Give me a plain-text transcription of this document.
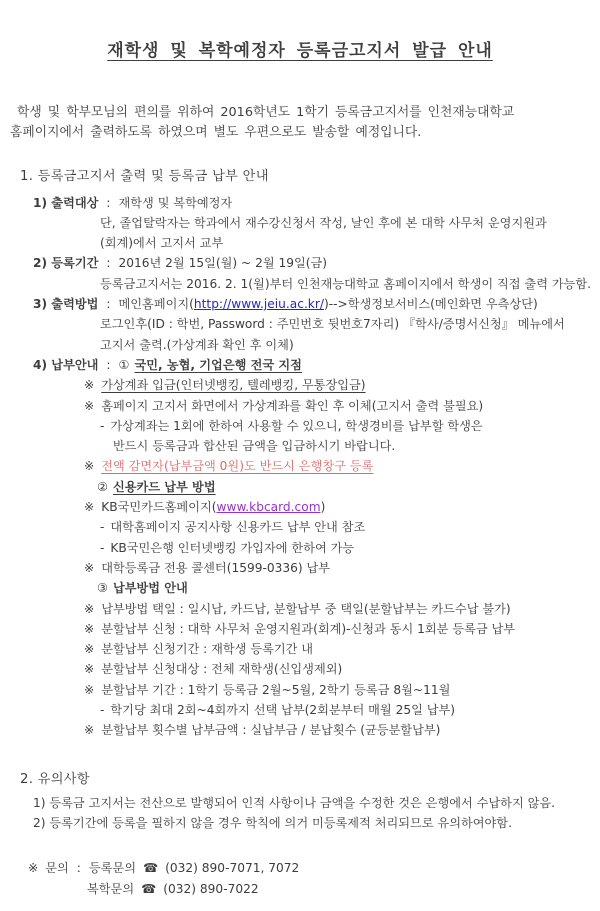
재학생 및 복학예정자 등록금고지서 발급 안내
학생 및 학부모님의 편의를 위하여 2016학년도 1학기 등록금고지서를 인천재능대학교
홈페이지에서 출력하도록 하였으며 별도 우편으로도 발송할 예정입니다.
1. 등록금고지서 출력 및 등록금 납부 안내
1) 출력대상 : 재학생 및 복학예정자
단, 졸업탈락자는 학과에서 재수강신청서 작성, 날인 후에 본 대학 사무처 운영지원과
(회계)에서 고지서 교부
2) 등록기간 : 2016년 2월 15일(월) ~ 2월 19일(금)
등록금고지서는 2016. 2. 1(월)부터 인천재능대학교 홈페이지에서 학생이 직접 출력 가능함.
3) 출력방법 : 메인홈페이지(http://www.jeiu.ac.kr/)-->학생정보서비스(메인화면 우측상단)
로그인후(ID : 학번, Password : 주민번호 뒷번호7자리) 『학사/증명서신청』 메뉴에서
고지서 출력.(가상계좌 확인 후 이체)
4) 납부안내 : ① 국민, 농협, 기업은행 전국 지점
※ 가상계좌 입금(인터넷뱅킹, 텔레뱅킹, 무통장입금)
※ 홈페이지 고지서 화면에서 가상계좌를 확인 후 이체(고지서 출력 불필요)
- 가상계좌는 1회에 한하여 사용할 수 있으니, 학생경비를 납부할 학생은
반드시 등록금과 합산된 금액을 입금하시기 바랍니다.
※ 전액 감면자(납부금액 0원)도 반드시 은행창구 등록
② 신용카드 납부 방법
※ KB국민카드홈페이지(www.kbcard.com)
- 대학홈페이지 공지사항 신용카드 납부 안내 참조
- KB국민은행 인터넷뱅킹 가입자에 한하여 가능
※ 대학등록금 전용 콜센터(1599-0336) 납부
③ 납부방법 안내
※ 납부방법 택일 : 일시납, 카드납, 분할납부 중 택일(분할납부는 카드수납 불가)
※ 분할납부 신청 : 대학 사무처 운영지원과(회계)-신청과 동시 1회분 등록금 납부
※ 분할납부 신청기간 : 재학생 등록기간 내
※ 분할납부 신청대상 : 전체 재학생(신입생제외)
※ 분할납부 기간 : 1학기 등록금 2월~5월, 2학기 등록금 8월~11월
- 학기당 최대 2회~4회까지 선택 납부(2회분부터 매월 25일 납부)
※ 분할납부 횟수별 납부금액 : 실납부금 / 분납횟수 (균등분할납부)
2. 유의사항
1) 등록금 고지서는 전산으로 발행되어 인적 사항이나 금액을 수정한 것은 은행에서 수납하지 않음.
2) 등록기간에 등록을 필하지 않을 경우 학칙에 의거 미등록제적 처리되므로 유의하여야함.
※ 문의 : 등록문의 ☎ (032) 890-7071, 7072
복학문의 ☎ (032) 890-7022
